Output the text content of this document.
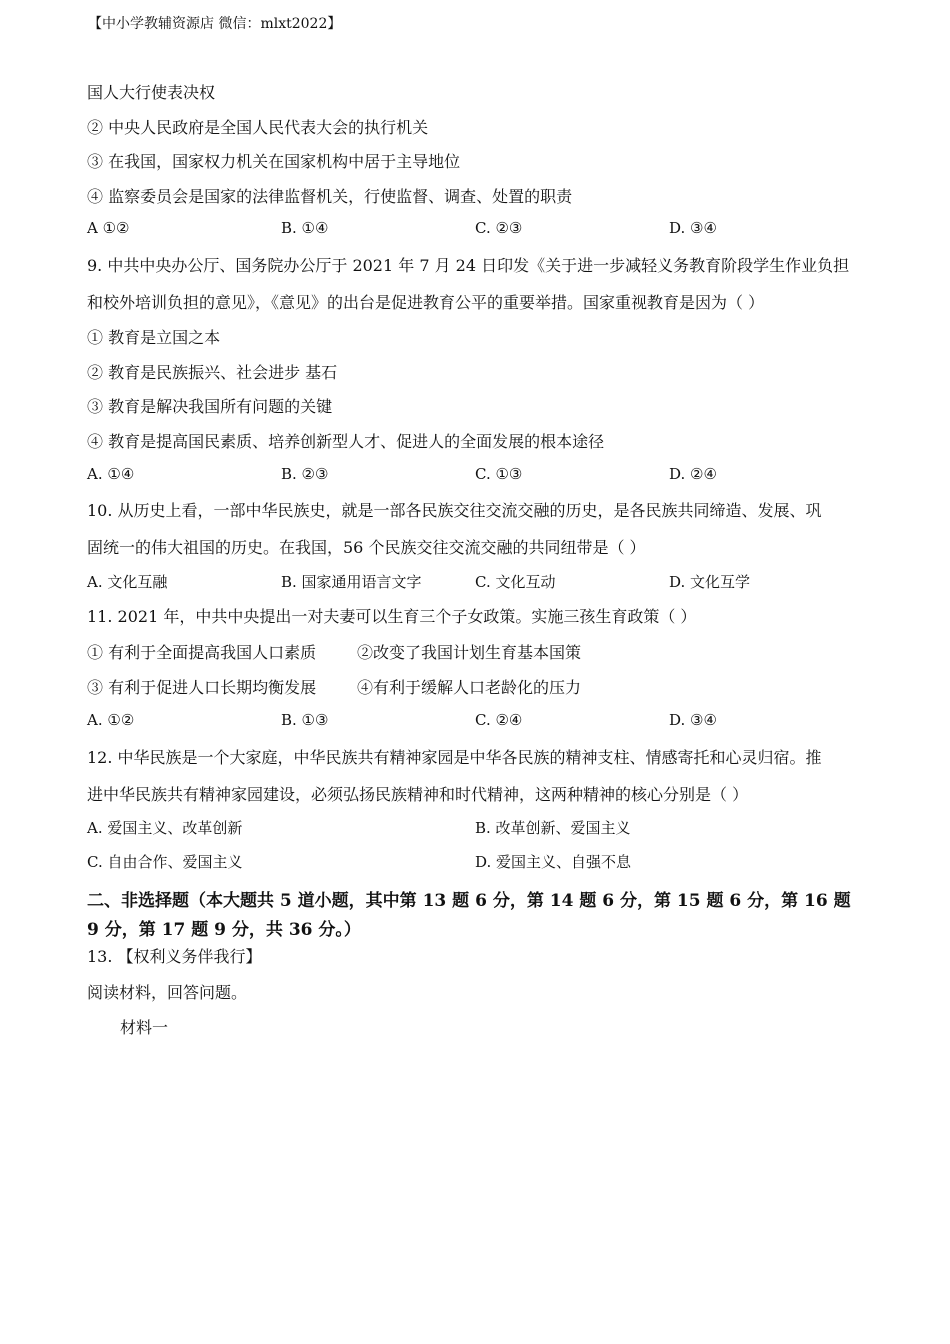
【中小学教辅资源店 微信：mlxt2022】
国人大行使表决权
② 中央人民政府是全国人民代表大会的执行机关
③ 在我国，国家权力机关在国家机构中居于主导地位
④ 监察委员会是国家的法律监督机关，行使监督、调查、处置的职责
A ①②	B. ①④	C. ②③	D. ③④
9. 中共中央办公厅、国务院办公厅于 2021 年 7 月 24 日印发《关于进一步减轻义务教育阶段学生作业负担
和校外培训负担的意见》，《意见》的出台是促进教育公平的重要举措。国家重视教育是因为（ ）
① 教育是立国之本
② 教育是民族振兴、社会进步 基石
③ 教育是解决我国所有问题的关键
④ 教育是提高国民素质、培养创新型人才、促进人的全面发展的根本途径
A. ①④	B. ②③	C. ①③	D. ②④
10. 从历史上看，一部中华民族史，就是一部各民族交往交流交融的历史，是各民族共同缔造、发展、巩
固统一的伟大祖国的历史。在我国，56 个民族交往交流交融的共同纽带是（ ）
A. 文化互融	B. 国家通用语言文字	C. 文化互动	D. 文化互学
11. 2021 年，中共中央提出一对夫妻可以生育三个子女政策。实施三孩生育政策（ ）
① 有利于全面提高我国人口素质	②改变了我国计划生育基本国策
③ 有利于促进人口长期均衡发展	④有利于缓解人口老龄化的压力
A. ①②	B. ①③	C. ②④	D. ③④
12. 中华民族是一个大家庭，中华民族共有精神家园是中华各民族的精神支柱、情感寄托和心灵归宿。推
进中华民族共有精神家园建设，必须弘扬民族精神和时代精神，这两种精神的核心分别是（ ）
A. 爱国主义、改革创新	B. 改革创新、爱国主义
C. 自由合作、爱国主义	D. 爱国主义、自强不息
二、非选择题（本大题共 5 道小题，其中第 13 题 6 分，第 14 题 6 分，第 15 题 6 分，第 16 题
9 分，第 17 题 9 分，共 36 分。）
13. 【权利义务伴我行】
阅读材料，回答问题。
材料一
